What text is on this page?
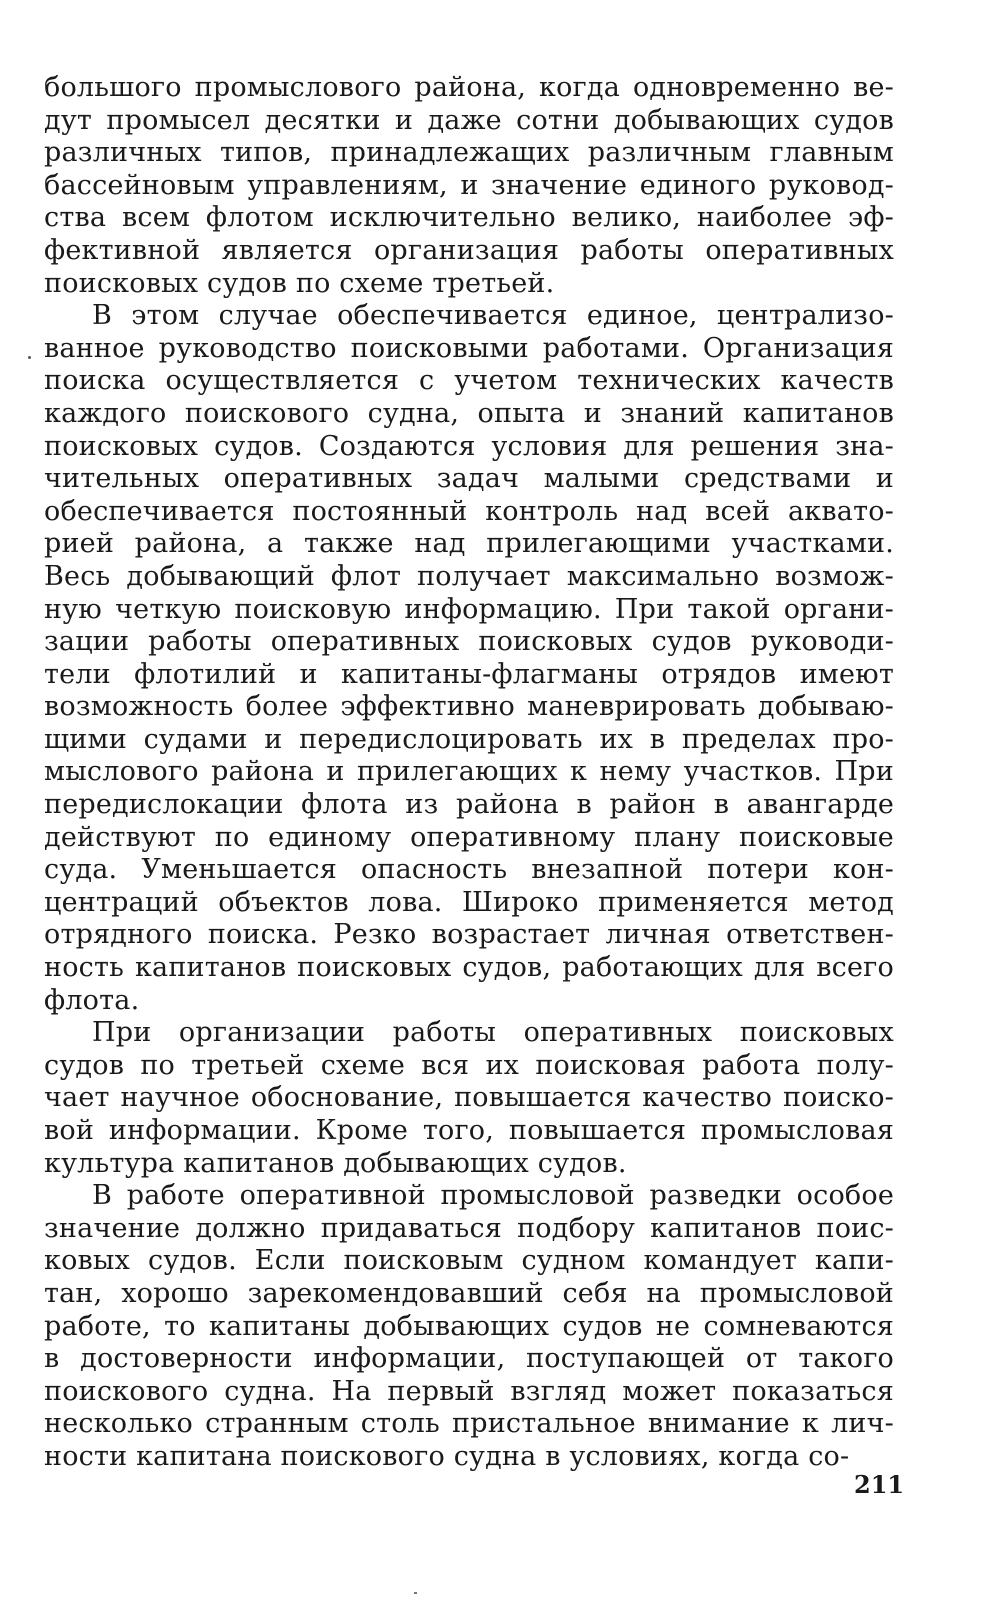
большого промыслового района, когда одновременно ве-
дут промысел десятки и даже сотни добывающих судов
различных типов, принадлежащих различным главным
бассейновым управлениям, и значение единого руковод-
ства всем флотом исключительно велико, наиболее эф-
фективной является организация работы оперативных
поисковых судов по схеме третьей.
В этом случае обеспечивается единое, централизо-
ванное руководство поисковыми работами. Организация
поиска осуществляется с учетом технических качеств
каждого поискового судна, опыта и знаний капитанов
поисковых судов. Создаются условия для решения зна-
чительных оперативных задач малыми средствами и
обеспечивается постоянный контроль над всей аквато-
рией района, а также над прилегающими участками.
Весь добывающий флот получает максимально возмож-
ную четкую поисковую информацию. При такой органи-
зации работы оперативных поисковых судов руководи-
тели флотилий и капитаны-флагманы отрядов имеют
возможность более эффективно маневрировать добываю-
щими судами и передислоцировать их в пределах про-
мыслового района и прилегающих к нему участков. При
передислокации флота из района в район в авангарде
действуют по единому оперативному плану поисковые
суда. Уменьшается опасность внезапной потери кон-
центраций объектов лова. Широко применяется метод
отрядного поиска. Резко возрастает личная ответствен-
ность капитанов поисковых судов, работающих для всего
флота.
При организации работы оперативных поисковых
судов по третьей схеме вся их поисковая работа полу-
чает научное обоснование, повышается качество поиско-
вой информации. Кроме того, повышается промысловая
культура капитанов добывающих судов.
В работе оперативной промысловой разведки особое
значение должно придаваться подбору капитанов поис-
ковых судов. Если поисковым судном командует капи-
тан, хорошо зарекомендовавший себя на промысловой
работе, то капитаны добывающих судов не сомневаются
в достоверности информации, поступающей от такого
поискового судна. На первый взгляд может показаться
несколько странным столь пристальное внимание к лич-
ности капитана поискового судна в условиях, когда со-
211
